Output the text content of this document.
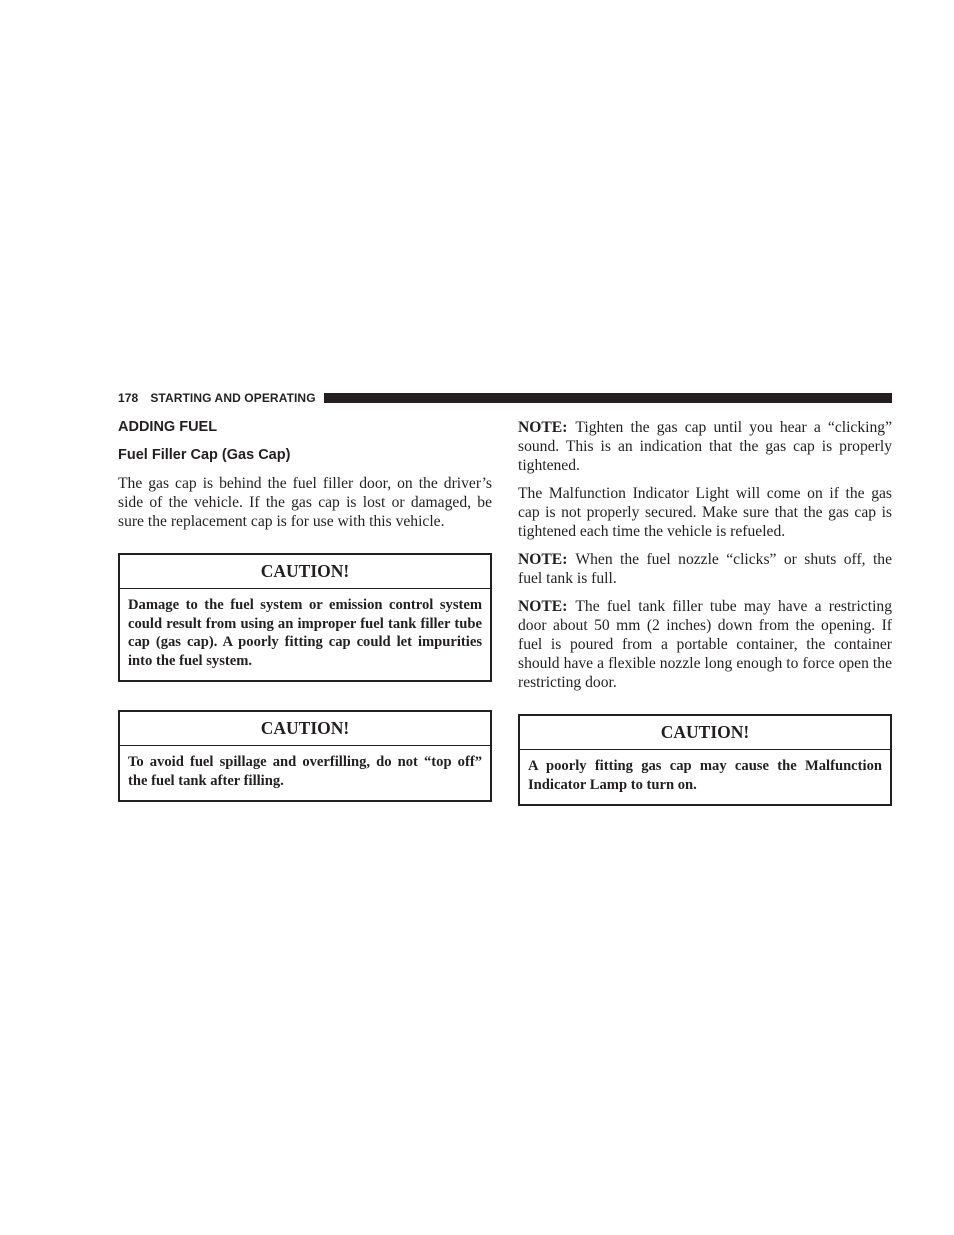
178 STARTING AND OPERATING
ADDING FUEL
Fuel Filler Cap (Gas Cap)

The gas cap is behind the fuel filler door, on the driver’s side of the vehicle. If the gas cap is lost or damaged, be sure the replacement cap is for use with this vehicle.

CAUTION!
Damage to the fuel system or emission control system could result from using an improper fuel tank filler tube cap (gas cap). A poorly fitting cap could let impurities into the fuel system.
CAUTION!
To avoid fuel spillage and overfilling, do not “top off” the fuel tank after filling.

NOTE: Tighten the gas cap until you hear a “clicking” sound. This is an indication that the gas cap is properly tightened.

The Malfunction Indicator Light will come on if the gas cap is not properly secured. Make sure that the gas cap is tightened each time the vehicle is refueled.

NOTE: When the fuel nozzle “clicks” or shuts off, the fuel tank is full.

NOTE: The fuel tank filler tube may have a restricting door about 50 mm (2 inches) down from the opening. If fuel is poured from a portable container, the container should have a flexible nozzle long enough to force open the restricting door.

CAUTION!
A poorly fitting gas cap may cause the Malfunction Indicator Lamp to turn on.
